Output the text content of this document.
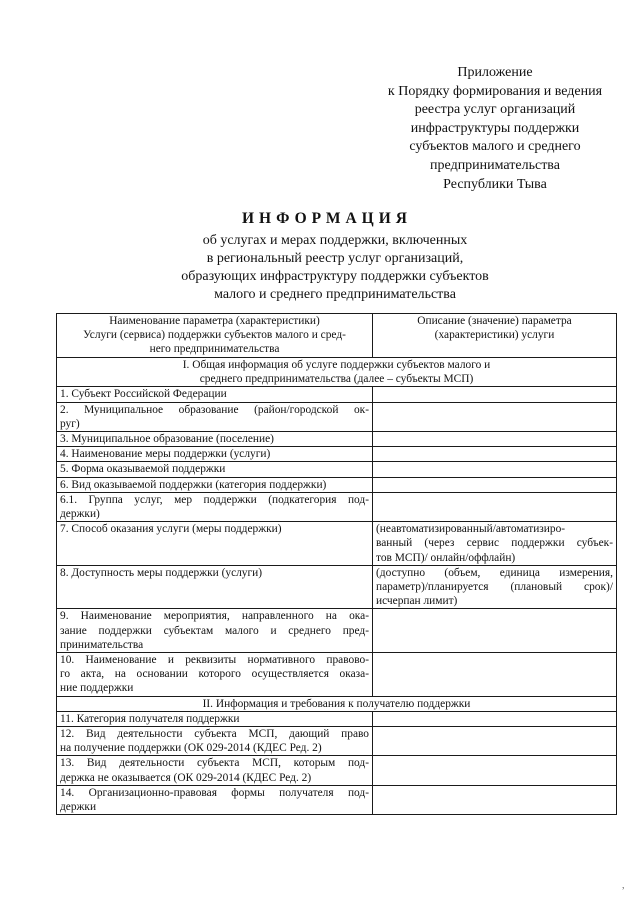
Приложение
к Порядку формирования и ведения
реестра услуг организаций
инфраструктуры поддержки
субъектов малого и среднего
предпринимательства
Республики Тыва
ИНФОРМАЦИЯ
об услугах и мерах поддержки, включенных
в региональный реестр услуг организаций,
образующих инфраструктуру поддержки субъектов
малого и среднего предпринимательства
Наименование параметра (характеристики)
Услуги (сервиса) поддержки субъектов малого и сред-
него предпринимательства	Описание (значение) параметра
(характеристики) услуги

I. Общая информация об услуге поддержки субъектов малого и
среднего предпринимательства (далее – субъекты МСП)	

1. Субъект Российской Федерации	

2. Муниципальное образование (район/городской ок-
руг)	

3. Муниципальное образование (поселение)	

4. Наименование меры поддержки (услуги)	

5. Форма оказываемой поддержки	

6. Вид оказываемой поддержки (категория поддержки)	

6.1. Группа услуг, мер поддержки (подкатегория под-
держки)	

7. Способ оказания услуги (меры поддержки)	(неавтоматизированный/автоматизиро-
ванный (через сервис поддержки субъек-
тов МСП)/ онлайн/оффлайн)

8. Доступность меры поддержки (услуги)	(доступно (объем, единица измерения,
параметр)/планируется (плановый срок)/
исчерпан лимит)

9. Наименование мероприятия, направленного на ока-
зание поддержки субъектам малого и среднего пред-
принимательства	

10. Наименование и реквизиты нормативного правово-
го акта, на основании которого осуществляется оказа-
ние поддержки	

II. Информация и требования к получателю поддержки	

11. Категория получателя поддержки	

12. Вид деятельности субъекта МСП, дающий право
на получение поддержки (ОК 029-2014 (КДЕС Ред. 2)	

13. Вид деятельности субъекта МСП, которым под-
держка не оказывается (ОК 029-2014 (КДЕС Ред. 2)	

14. Организационно-правовая формы получателя под-
держки	

,
